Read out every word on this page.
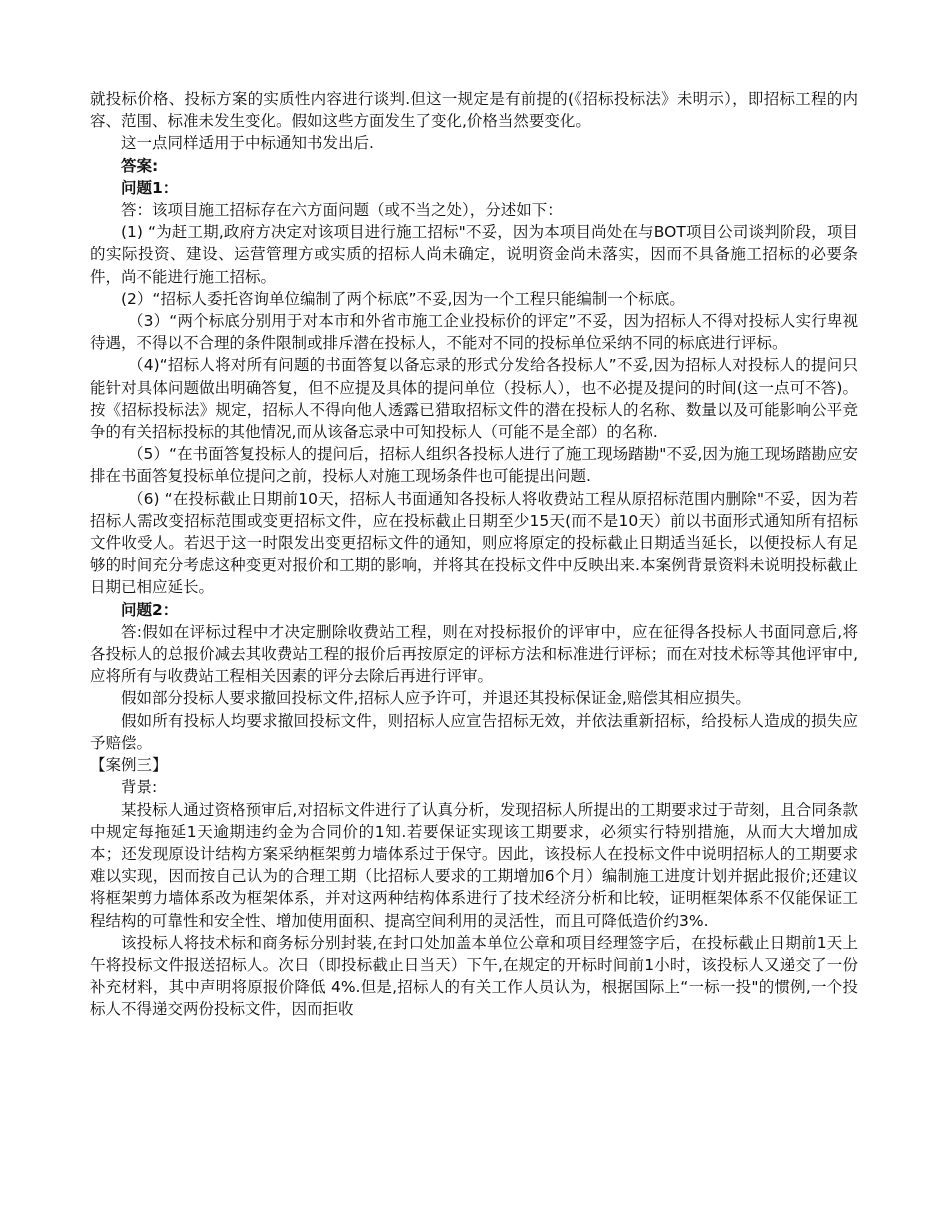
就投标价格、投标方案的实质性内容进行谈判.但这一规定是有前提的(《招标投标法》未明示），即招标工程的内容、范围、标准未发生变化。假如这些方面发生了变化,价格当然要变化。

这一点同样适用于中标通知书发出后.

答案:

问题1：

答：该项目施工招标存在六方面问题（或不当之处），分述如下：

(1) “为赶工期,政府方决定对该项目进行施工招标"不妥，因为本项目尚处在与BOT项目公司谈判阶段，项目的实际投资、建设、运营管理方或实质的招标人尚未确定，说明资金尚未落实，因而不具备施工招标的必要条件，尚不能进行施工招标。

(2）“招标人委托咨询单位编制了两个标底”不妥,因为一个工程只能编制一个标底。

（3）“两个标底分别用于对本市和外省市施工企业投标价的评定”不妥，因为招标人不得对投标人实行卑视待遇，不得以不合理的条件限制或排斥潜在投标人，不能对不同的投标单位采纳不同的标底进行评标。

（4)“招标人将对所有问题的书面答复以备忘录的形式分发给各投标人”不妥,因为招标人对投标人的提问只能针对具体问题做出明确答复，但不应提及具体的提问单位（投标人），也不必提及提问的时间(这一点可不答)。按《招标投标法》规定，招标人不得向他人透露已猎取招标文件的潜在投标人的名称、数量以及可能影响公平竞争的有关招标投标的其他情况,而从该备忘录中可知投标人（可能不是全部）的名称.

（5）“在书面答复投标人的提问后，招标人组织各投标人进行了施工现场踏勘"不妥,因为施工现场踏勘应安排在书面答复投标单位提问之前，投标人对施工现场条件也可能提出问题.

（6) “在投标截止日期前10天，招标人书面通知各投标人将收费站工程从原招标范围内删除"不妥，因为若招标人需改变招标范围或变更招标文件，应在投标截止日期至少15天(而不是10天）前以书面形式通知所有招标文件收受人。若迟于这一时限发出变更招标文件的通知，则应将原定的投标截止日期适当延长，以便投标人有足够的时间充分考虑这种变更对报价和工期的影响，并将其在投标文件中反映出来.本案例背景资料未说明投标截止日期已相应延长。

问题2：

答:假如在评标过程中才决定删除收费站工程，则在对投标报价的评审中，应在征得各投标人书面同意后,将各投标人的总报价减去其收费站工程的报价后再按原定的评标方法和标准进行评标；而在对技术标等其他评审中,应将所有与收费站工程相关因素的评分去除后再进行评审。

假如部分投标人要求撤回投标文件,招标人应予许可，并退还其投标保证金,赔偿其相应损失。

假如所有投标人均要求撤回投标文件，则招标人应宣告招标无效，并依法重新招标，给投标人造成的损失应予赔偿。

【案例三】

背景:

某投标人通过资格预审后,对招标文件进行了认真分析，发现招标人所提出的工期要求过于苛刻，且合同条款中规定每拖延1天逾期违约金为合同价的1知.若要保证实现该工期要求，必须实行特别措施，从而大大增加成本；还发现原设计结构方案采纳框架剪力墙体系过于保守。因此，该投标人在投标文件中说明招标人的工期要求难以实现，因而按自己认为的合理工期（比招标人要求的工期增加6个月）编制施工进度计划并据此报价;还建议将框架剪力墙体系改为框架体系，并对这两种结构体系进行了技术经济分析和比较，证明框架体系不仅能保证工程结构的可靠性和安全性、增加使用面积、提高空间利用的灵活性，而且可降低造价约3%.

该投标人将技术标和商务标分别封装,在封口处加盖本单位公章和项目经理签字后，在投标截止日期前1天上午将投标文件报送招标人。次日（即投标截止日当天）下午,在规定的开标时间前1小时，该投标人又递交了一份补充材料，其中声明将原报价降低 4%.但是,招标人的有关工作人员认为，根据国际上“一标一投"的惯例,一个投标人不得递交两份投标文件，因而拒收
